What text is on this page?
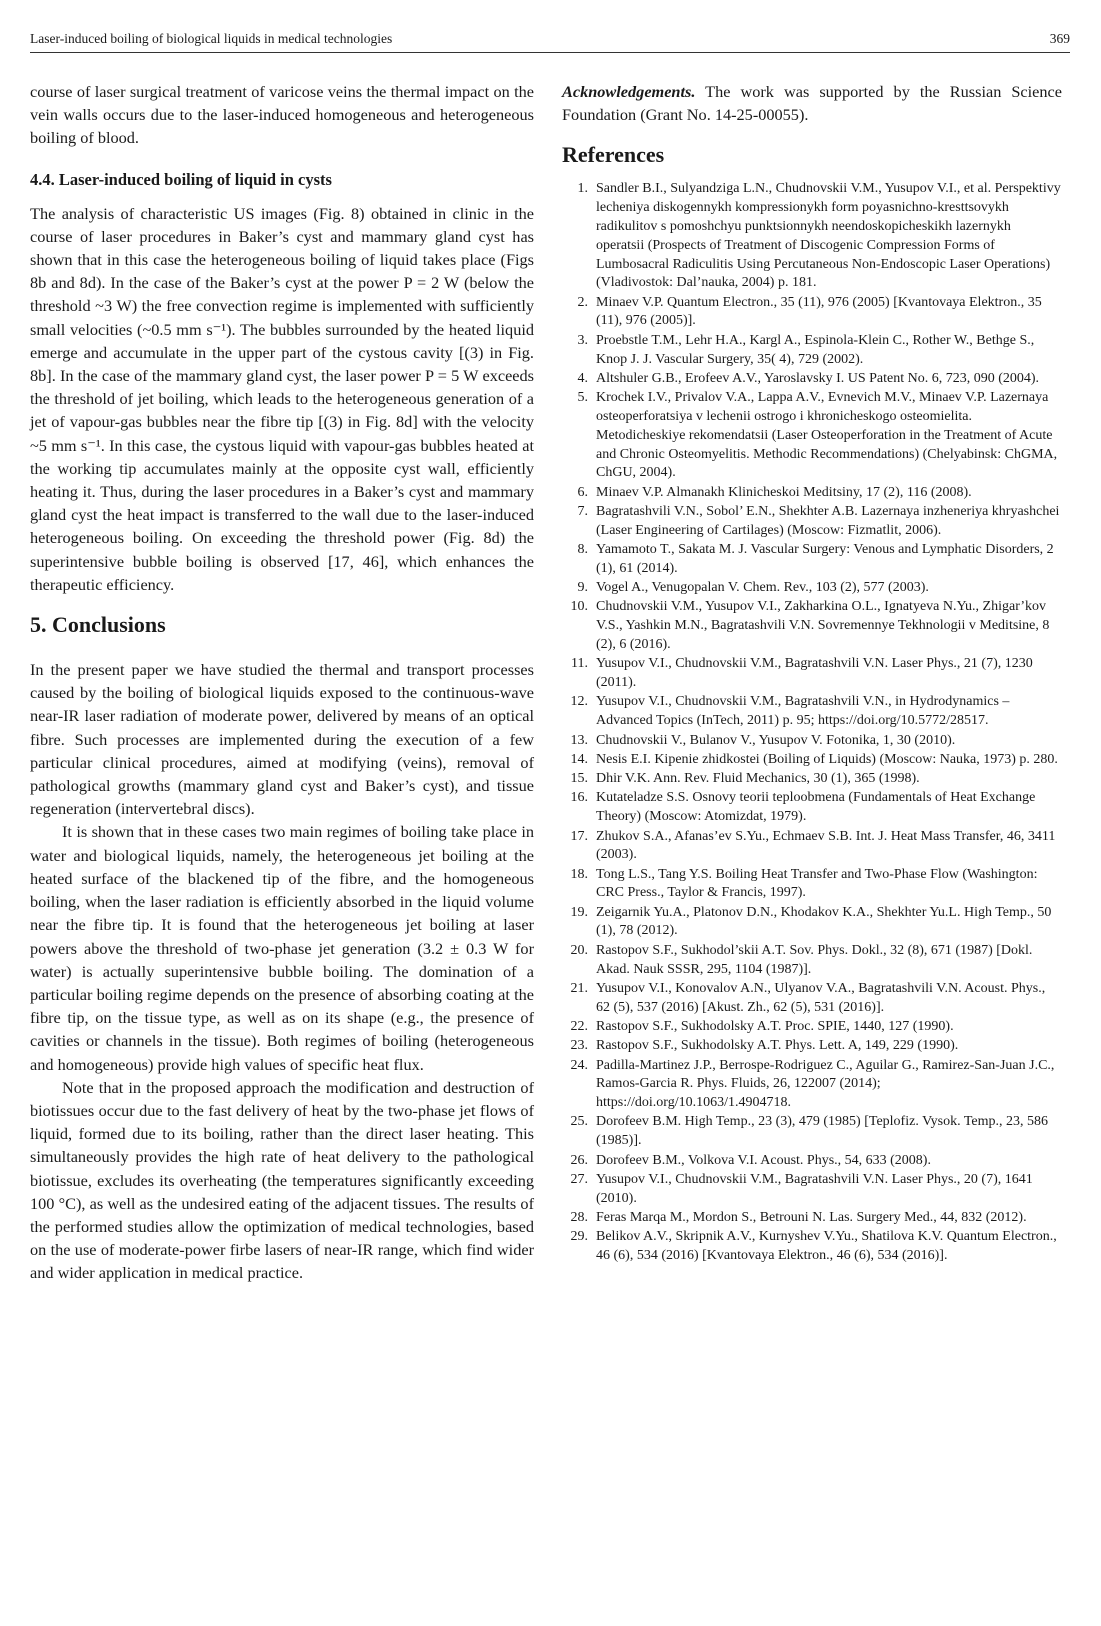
Laser-induced boiling of biological liquids in medical technologies	369

course of laser surgical treatment of varicose veins the thermal impact on the vein walls occurs due to the laser-induced homogeneous and heterogeneous boiling of blood.

4.4. Laser-induced boiling of liquid in cysts

The analysis of characteristic US images (Fig. 8) obtained in clinic in the course of laser procedures in Baker’s cyst and mammary gland cyst has shown that in this case the heterogeneous boiling of liquid takes place (Figs 8b and 8d). In the case of the Baker’s cyst at the power P = 2 W (below the threshold ~3 W) the free convection regime is implemented with sufficiently small velocities (~0.5 mm s⁻¹). The bubbles surrounded by the heated liquid emerge and accumulate in the upper part of the cystous cavity [(3) in Fig. 8b]. In the case of the mammary gland cyst, the laser power P = 5 W exceeds the threshold of jet boiling, which leads to the heterogeneous generation of a jet of vapour-gas bubbles near the fibre tip [(3) in Fig. 8d] with the velocity ~5 mm s⁻¹. In this case, the cystous liquid with vapour-gas bubbles heated at the working tip accumulates mainly at the opposite cyst wall, efficiently heating it. Thus, during the laser procedures in a Baker’s cyst and mammary gland cyst the heat impact is transferred to the wall due to the laser-induced heterogeneous boiling. On exceeding the threshold power (Fig. 8d) the superintensive bubble boiling is observed [17, 46], which enhances the therapeutic efficiency.

5. Conclusions

In the present paper we have studied the thermal and transport processes caused by the boiling of biological liquids exposed to the continuous-wave near-IR laser radiation of moderate power, delivered by means of an optical fibre. Such processes are implemented during the execution of a few particular clinical procedures, aimed at modifying (veins), removal of pathological growths (mammary gland cyst and Baker’s cyst), and tissue regeneration (intervertebral discs).

It is shown that in these cases two main regimes of boiling take place in water and biological liquids, namely, the heterogeneous jet boiling at the heated surface of the blackened tip of the fibre, and the homogeneous boiling, when the laser radiation is efficiently absorbed in the liquid volume near the fibre tip. It is found that the heterogeneous jet boiling at laser powers above the threshold of two-phase jet generation (3.2 ± 0.3 W for water) is actually superintensive bubble boiling. The domination of a particular boiling regime depends on the presence of absorbing coating at the fibre tip, on the tissue type, as well as on its shape (e.g., the presence of cavities or channels in the tissue). Both regimes of boiling (heterogeneous and homogeneous) provide high values of specific heat flux.

Note that in the proposed approach the modification and destruction of biotissues occur due to the fast delivery of heat by the two-phase jet flows of liquid, formed due to its boiling, rather than the direct laser heating. This simultaneously provides the high rate of heat delivery to the pathological biotissue, excludes its overheating (the temperatures significantly exceeding 100 °C), as well as the undesired eating of the adjacent tissues. The results of the performed studies allow the optimization of medical technologies, based on the use of moderate-power firbe lasers of near-IR range, which find wider and wider application in medical practice.

Acknowledgements. The work was supported by the Russian Science Foundation (Grant No. 14-25-00055).

References
1. Sandler B.I., Sulyandziga L.N., Chudnovskii V.M., Yusupov V.I., et al. Perspektivy lecheniya diskogennykh kompressionykh form poyasnichno-kresttsovykh radikulitov s pomoshchyu punktsionnykh neendoskopicheskikh lazernykh operatsii (Prospects of Treatment of Discogenic Compression Forms of Lumbosacral Radiculitis Using Percutaneous Non-Endoscopic Laser Operations) (Vladivostok: Dal’nauka, 2004) p. 181.
2. Minaev V.P. Quantum Electron., 35 (11), 976 (2005) [Kvantovaya Elektron., 35 (11), 976 (2005)].
3. Proebstle T.M., Lehr H.A., Kargl A., Espinola-Klein C., Rother W., Bethge S., Knop J. J. Vascular Surgery, 35( 4), 729 (2002).
4. Altshuler G.B., Erofeev A.V., Yaroslavsky I. US Patent No. 6, 723, 090 (2004).
5. Krochek I.V., Privalov V.A., Lappa A.V., Evnevich M.V., Minaev V.P. Lazernaya osteoperforatsiya v lechenii ostrogo i khronicheskogo osteomielita. Metodicheskiye rekomendatsii (Laser Osteoperforation in the Treatment of Acute and Chronic Osteomyelitis. Methodic Recommendations) (Chelyabinsk: ChGMA, ChGU, 2004).
6. Minaev V.P. Almanakh Klinicheskoi Meditsiny, 17 (2), 116 (2008).
7. Bagratashvili V.N., Sobol’ E.N., Shekhter A.B. Lazernaya inzheneriya khryashchei (Laser Engineering of Cartilages) (Moscow: Fizmatlit, 2006).
8. Yamamoto T., Sakata M. J. Vascular Surgery: Venous and Lymphatic Disorders, 2 (1), 61 (2014).
9. Vogel A., Venugopalan V. Chem. Rev., 103 (2), 577 (2003).
10. Chudnovskii V.M., Yusupov V.I., Zakharkina O.L., Ignatyeva N.Yu., Zhigar’kov V.S., Yashkin M.N., Bagratashvili V.N. Sovremennye Tekhnologii v Meditsine, 8 (2), 6 (2016).
11. Yusupov V.I., Chudnovskii V.M., Bagratashvili V.N. Laser Phys., 21 (7), 1230 (2011).
12. Yusupov V.I., Chudnovskii V.M., Bagratashvili V.N., in Hydrodynamics – Advanced Topics (InTech, 2011) p. 95; https://doi.org/10.5772/28517.
13. Chudnovskii V., Bulanov V., Yusupov V. Fotonika, 1, 30 (2010).
14. Nesis E.I. Kipenie zhidkostei (Boiling of Liquids) (Moscow: Nauka, 1973) p. 280.
15. Dhir V.K. Ann. Rev. Fluid Mechanics, 30 (1), 365 (1998).
16. Kutateladze S.S. Osnovy teorii teploobmena (Fundamentals of Heat Exchange Theory) (Moscow: Atomizdat, 1979).
17. Zhukov S.A., Afanas’ev S.Yu., Echmaev S.B. Int. J. Heat Mass Transfer, 46, 3411 (2003).
18. Tong L.S., Tang Y.S. Boiling Heat Transfer and Two-Phase Flow (Washington: CRC Press., Taylor & Francis, 1997).
19. Zeigarnik Yu.A., Platonov D.N., Khodakov K.A., Shekhter Yu.L. High Temp., 50 (1), 78 (2012).
20. Rastopov S.F., Sukhodol’skii A.T. Sov. Phys. Dokl., 32 (8), 671 (1987) [Dokl. Akad. Nauk SSSR, 295, 1104 (1987)].
21. Yusupov V.I., Konovalov A.N., Ulyanov V.A., Bagratashvili V.N. Acoust. Phys., 62 (5), 537 (2016) [Akust. Zh., 62 (5), 531 (2016)].
22. Rastopov S.F., Sukhodolsky A.T. Proc. SPIE, 1440, 127 (1990).
23. Rastopov S.F., Sukhodolsky A.T. Phys. Lett. A, 149, 229 (1990).
24. Padilla-Martinez J.P., Berrospe-Rodriguez C., Aguilar G., Ramirez-San-Juan J.C., Ramos-Garcia R. Phys. Fluids, 26, 122007 (2014); https://doi.org/10.1063/1.4904718.
25. Dorofeev B.M. High Temp., 23 (3), 479 (1985) [Teplofiz. Vysok. Temp., 23, 586 (1985)].
26. Dorofeev B.M., Volkova V.I. Acoust. Phys., 54, 633 (2008).
27. Yusupov V.I., Chudnovskii V.M., Bagratashvili V.N. Laser Phys., 20 (7), 1641 (2010).
28. Feras Marqa M., Mordon S., Betrouni N. Las. Surgery Med., 44, 832 (2012).
29. Belikov A.V., Skripnik A.V., Kurnyshev V.Yu., Shatilova K.V. Quantum Electron., 46 (6), 534 (2016) [Kvantovaya Elektron., 46 (6), 534 (2016)].
